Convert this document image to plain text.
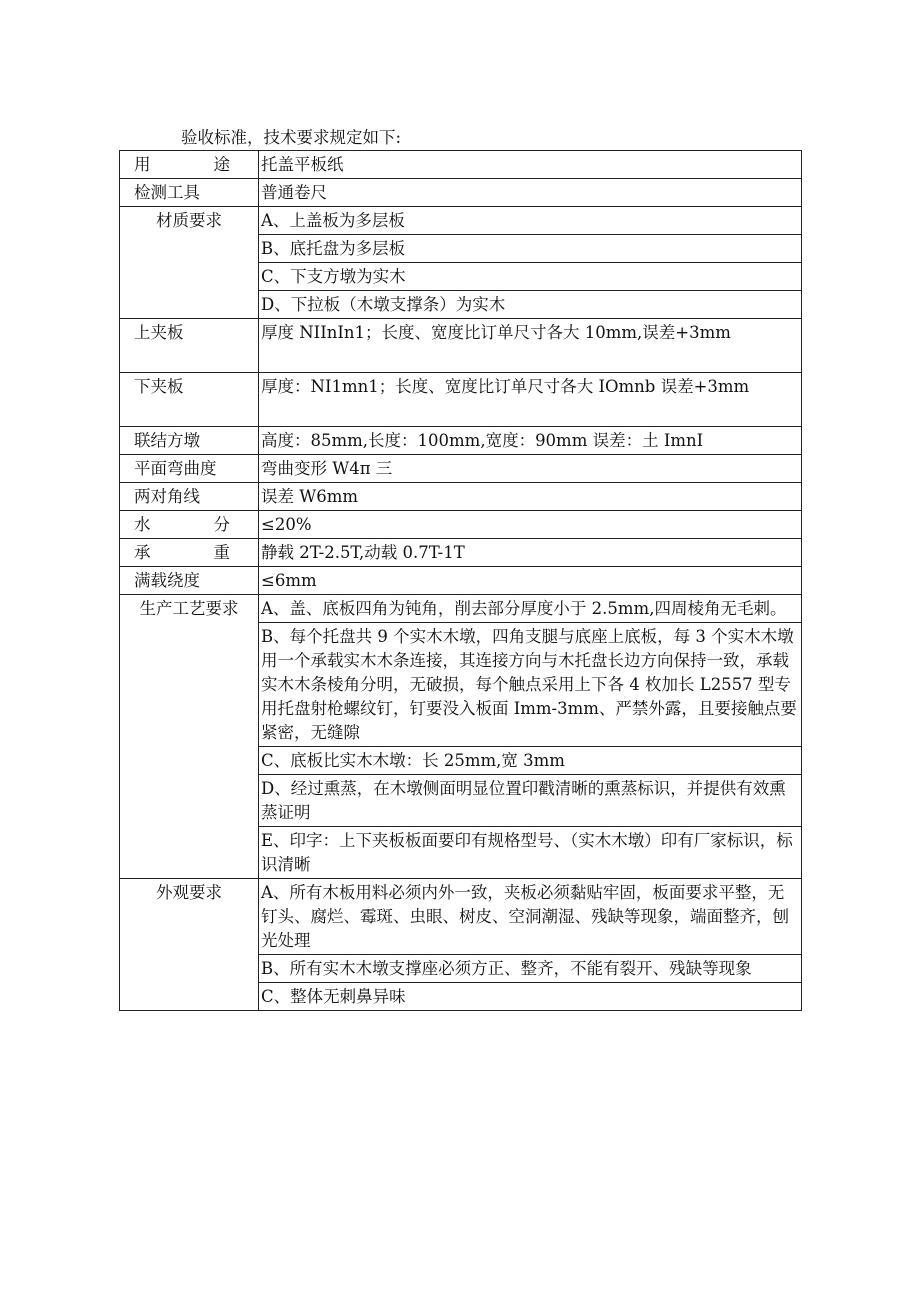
验收标准，技术要求规定如下:
用途	托盖平板纸
检测工具	普通卷尺
材质要求	A、上盖板为多层板
	B、底托盘为多层板
	C、下支方墩为实木
	D、下拉板（木墩支撑条）为实木
上夹板	厚度 NIInIn1；长度、宽度比订单尺寸各大 10mm,误差+3mm
下夹板	厚度：NI1mn1；长度、宽度比订单尺寸各大 IOmnb 误差+3mm
联结方墩	高度：85mm,长度：100mm,宽度：90mm 误差：土 ImnI
平面弯曲度	弯曲变形 W4π 三
两对角线	误差 W6mm
水分	≤20%
承重	静载 2T-2.5T,动载 0.7T-1T
满载绕度	≤6mm
生产工艺要求	A、盖、底板四角为钝角，削去部分厚度小于 2.5mm,四周棱角无毛刺。
	B、每个托盘共 9 个实木木墩，四角支腿与底座上底板，每 3 个实木木墩用一个承载实木木条连接，其连接方向与木托盘长边方向保持一致，承载实木木条棱角分明，无破损，每个触点采用上下各 4 枚加长 L2557 型专用托盘射枪螺纹钉，钉要没入板面 Imm-3mm、严禁外露，且要接触点要紧密，无缝隙
	C、底板比实木木墩：长 25mm,宽 3mm
	D、经过熏蒸，在木墩侧面明显位置印戳清晰的熏蒸标识，并提供有效熏蒸证明
	E、印字：上下夹板板面要印有规格型号、（实木木墩）印有厂家标识，标识清晰
外观要求	A、所有木板用料必须内外一致，夹板必须黏贴牢固，板面要求平整，无钉头、腐烂、霉斑、虫眼、树皮、空洞潮湿、残缺等现象，端面整齐，刨光处理
	B、所有实木木墩支撑座必须方正、整齐，不能有裂开、残缺等现象
	C、整体无刺鼻异味
